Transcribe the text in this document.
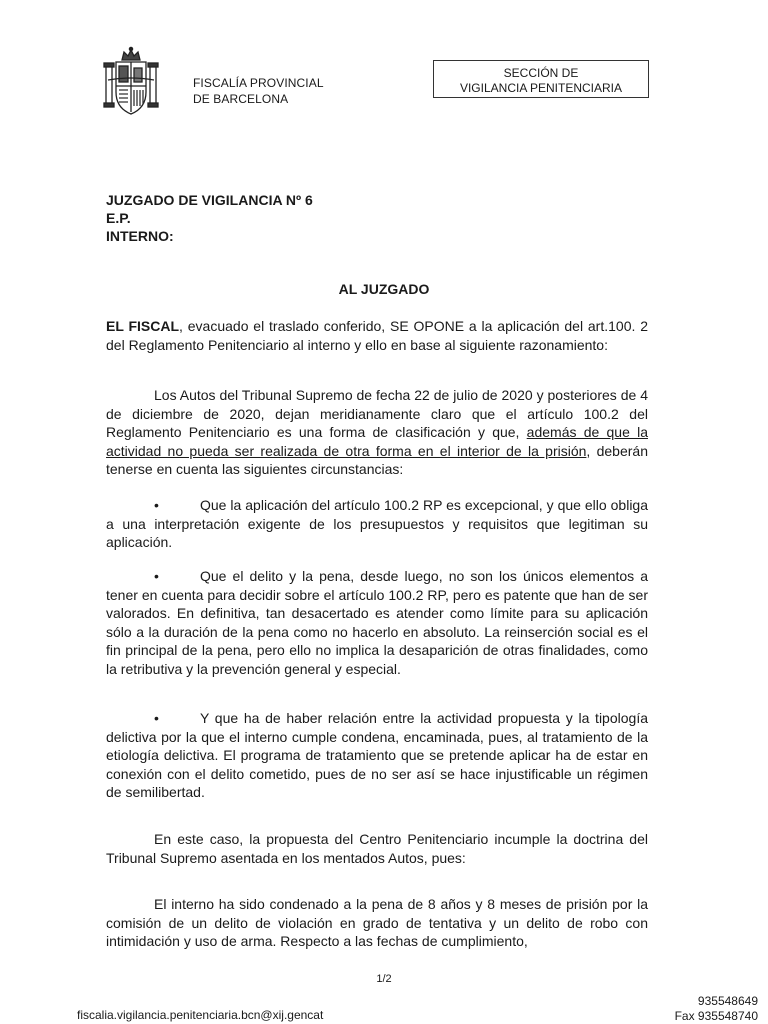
FISCALÍA PROVINCIAL
DE BARCELONA
SECCIÓN DE
VIGILANCIA PENITENCIARIA
JUZGADO DE VIGILANCIA Nº 6
E.P.
INTERNO:
AL JUZGADO
EL FISCAL, evacuado el traslado conferido, SE OPONE a la aplicación del art.100. 2 del Reglamento Penitenciario al interno y ello en base al siguiente razonamiento:
Los Autos del Tribunal Supremo de fecha 22 de julio de 2020 y posteriores de 4 de diciembre de 2020, dejan meridianamente claro que el artículo 100.2 del Reglamento Penitenciario es una forma de clasificación y que, además de que la actividad no pueda ser realizada de otra forma en el interior de la prisión, deberán tenerse en cuenta las siguientes circunstancias:
•	Que la aplicación del artículo 100.2 RP es excepcional, y que ello obliga a una interpretación exigente de los presupuestos y requisitos que legitiman su aplicación.
•	Que el delito y la pena, desde luego, no son los únicos elementos a tener en cuenta para decidir sobre el artículo 100.2 RP, pero es patente que han de ser valorados. En definitiva, tan desacertado es atender como límite para su aplicación sólo a la duración de la pena como no hacerlo en absoluto. La reinserción social es el fin principal de la pena, pero ello no implica la desaparición de otras finalidades, como la retributiva y la prevención general y especial.
•	Y que ha de haber relación entre la actividad propuesta y la tipología delictiva por la que el interno cumple condena, encaminada, pues, al tratamiento de la etiología delictiva. El programa de tratamiento que se pretende aplicar ha de estar en conexión con el delito cometido, pues de no ser así se hace injustificable un régimen de semilibertad.
En este caso, la propuesta del Centro Penitenciario incumple la doctrina del Tribunal Supremo asentada en los mentados Autos, pues:
El interno ha sido condenado a la pena de 8 años y 8 meses de prisión por la comisión de un delito de violación en grado de tentativa y un delito de robo con intimidación y uso de arma. Respecto a las fechas de cumplimiento,
1/2
fiscalia.vigilancia.penitenciaria.bcn@xij.gencat
935548649
Fax 935548740
